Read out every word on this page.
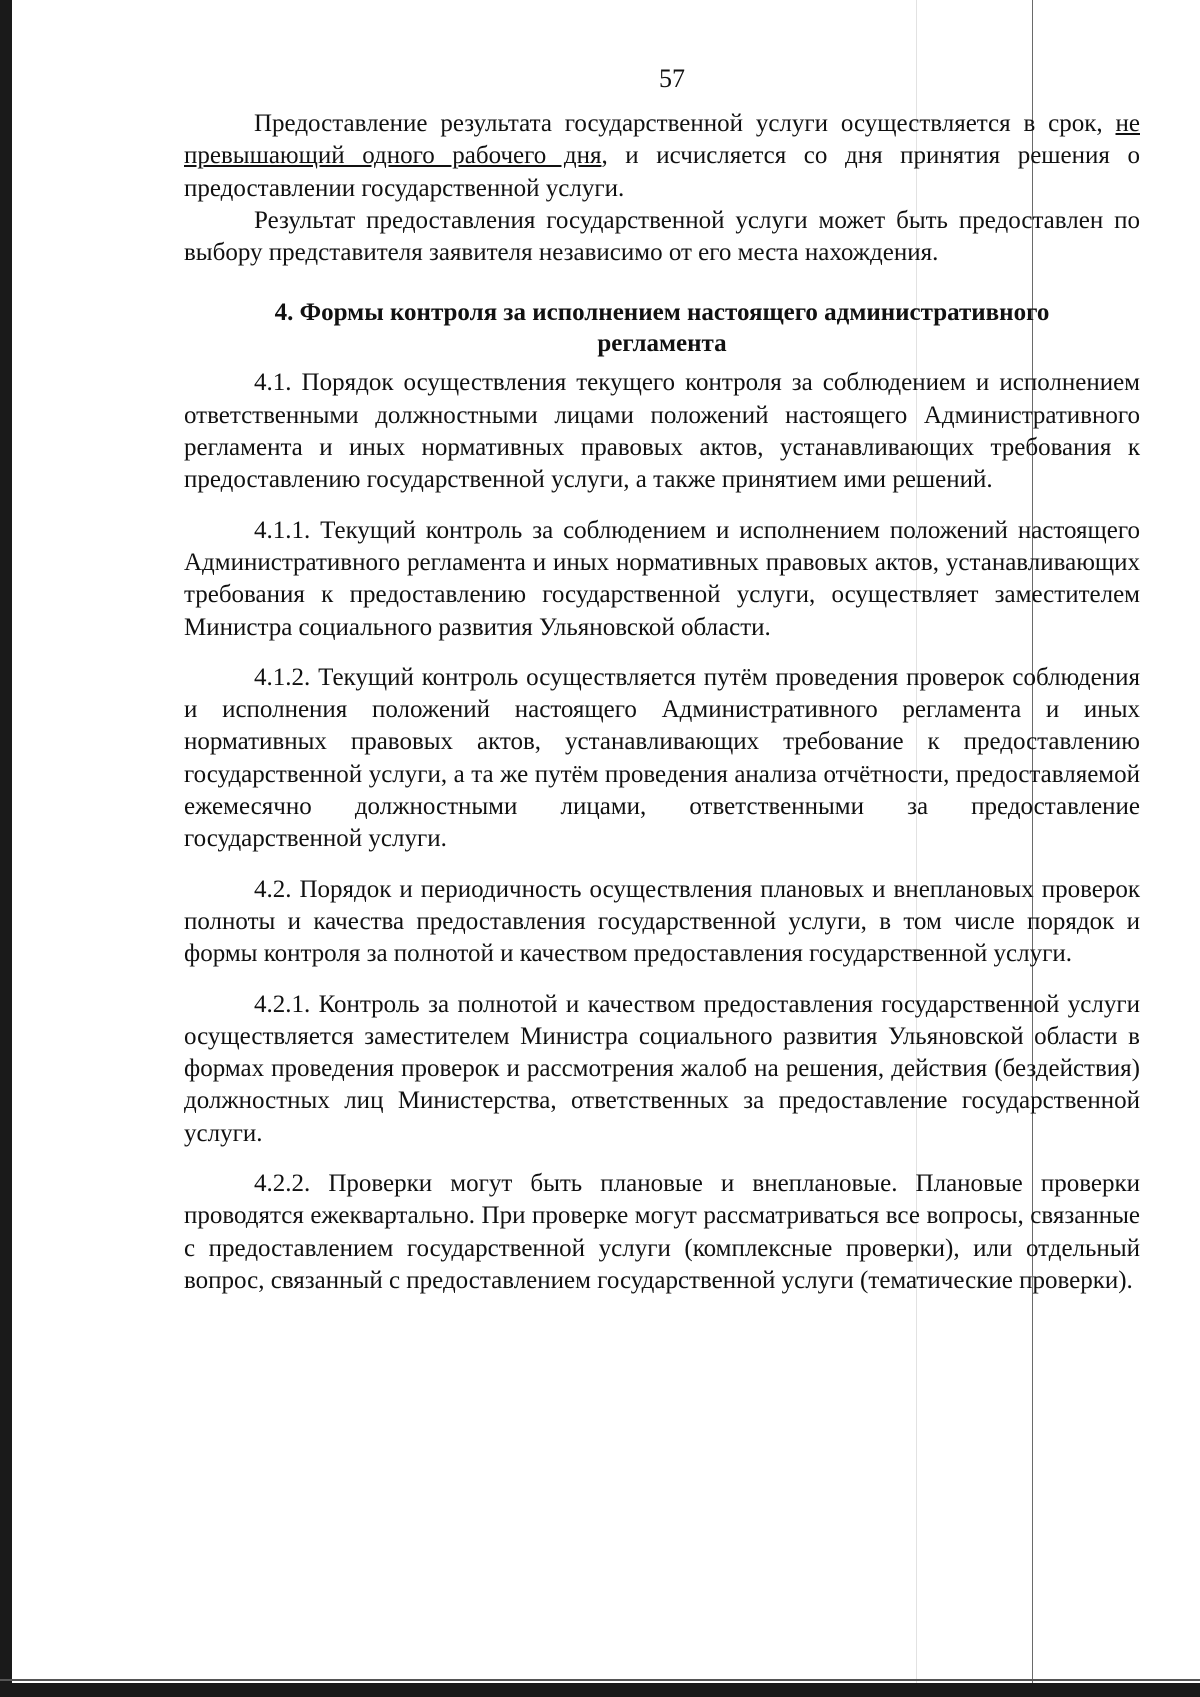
57

Предоставление результата государственной услуги осуществляется в срок, не превышающий одного рабочего дня, и исчисляется со дня принятия решения о предоставлении государственной услуги.

Результат предоставления государственной услуги может быть предоставлен по выбору представителя заявителя независимо от его места нахождения.

4. Формы контроля за исполнением настоящего административного
регламента

4.1. Порядок осуществления текущего контроля за соблюдением и исполнением ответственными должностными лицами положений настоящего Административного регламента и иных нормативных правовых актов, устанавливающих требования к предоставлению государственной услуги, а также принятием ими решений.

4.1.1. Текущий контроль за соблюдением и исполнением положений настоящего Административного регламента и иных нормативных правовых актов, устанавливающих требования к предоставлению государственной услуги, осуществляет заместителем Министра социального развития Ульяновской области.

4.1.2. Текущий контроль осуществляется путём проведения проверок соблюдения и исполнения положений настоящего Административного регламента и иных нормативных правовых актов, устанавливающих требование к предоставлению государственной услуги, а та же путём проведения анализа отчётности, предоставляемой ежемесячно должностными лицами, ответственными за предоставление государственной услуги.

4.2. Порядок и периодичность осуществления плановых и внеплановых проверок полноты и качества предоставления государственной услуги, в том числе порядок и формы контроля за полнотой и качеством предоставления государственной услуги.

4.2.1. Контроль за полнотой и качеством предоставления государственной услуги осуществляется заместителем Министра социального развития Ульяновской области в формах проведения проверок и рассмотрения жалоб на решения, действия (бездействия) должностных лиц Министерства, ответственных за предоставление государственной услуги.

4.2.2. Проверки могут быть плановые и внеплановые. Плановые проверки проводятся ежеквартально. При проверке могут рассматриваться все вопросы, связанные с предоставлением государственной услуги (комплексные проверки), или отдельный вопрос, связанный с предоставлением государственной услуги (тематические проверки).
